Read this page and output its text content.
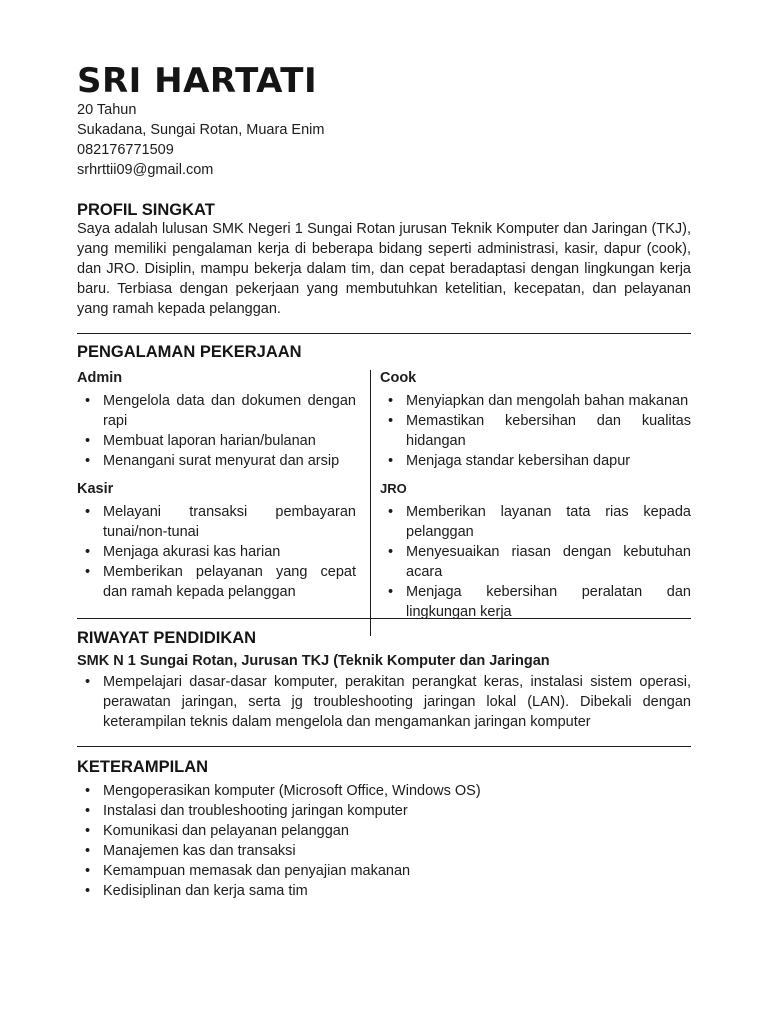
SRI HARTATI

20 Tahun

Sukadana, Sungai Rotan, Muara Enim

082176771509

srhrttii09@gmail.com

PROFIL SINGKAT

Saya adalah lulusan SMK Negeri 1 Sungai Rotan jurusan Teknik Komputer dan Jaringan (TKJ), yang memiliki pengalaman kerja di beberapa bidang seperti administrasi, kasir, dapur (cook), dan JRO. Disiplin, mampu bekerja dalam tim, dan cepat beradaptasi dengan lingkungan kerja baru. Terbiasa dengan pekerjaan yang membutuhkan ketelitian, kecepatan, dan pelayanan yang ramah kepada pelanggan.

PENGALAMAN PEKERJAAN
Admin
• Mengelola data dan dokumen dengan rapi
• Membuat laporan harian/bulanan
• Menangani surat menyurat dan arsip
Kasir
• Melayani transaksi pembayaran tunai/non-tunai
• Menjaga akurasi kas harian
• Memberikan pelayanan yang cepat dan ramah kepada pelanggan
Cook
• Menyiapkan dan mengolah bahan makanan
• Memastikan kebersihan dan kualitas hidangan
• Menjaga standar kebersihan dapur
JRO
• Memberikan layanan tata rias kepada pelanggan
• Menyesuaikan riasan dengan kebutuhan acara
• Menjaga kebersihan peralatan dan lingkungan kerja
RIWAYAT PENDIDIKAN
SMK N 1 Sungai Rotan, Jurusan TKJ (Teknik Komputer dan Jaringan
• Mempelajari dasar-dasar komputer, perakitan perangkat keras, instalasi sistem operasi, perawatan jaringan, serta jg troubleshooting jaringan lokal (LAN). Dibekali dengan keterampilan teknis dalam mengelola dan mengamankan jaringan komputer
KETERAMPILAN
• Mengoperasikan komputer (Microsoft Office, Windows OS)
• Instalasi dan troubleshooting jaringan komputer
• Komunikasi dan pelayanan pelanggan
• Manajemen kas dan transaksi
• Kemampuan memasak dan penyajian makanan
• Kedisiplinan dan kerja sama tim
